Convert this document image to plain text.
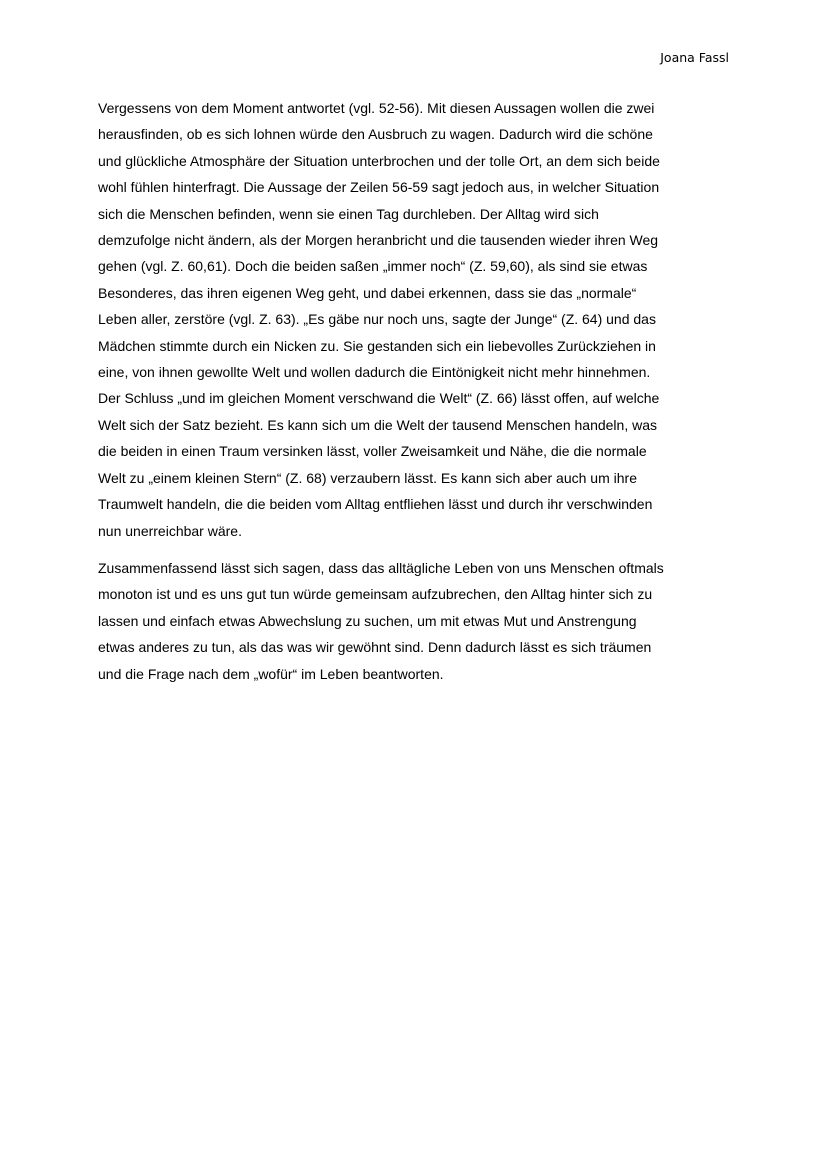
Joana Fassl

Vergessens von dem Moment antwortet (vgl. 52-56). Mit diesen Aussagen wollen die zwei
herausfinden, ob es sich lohnen würde den Ausbruch zu wagen. Dadurch wird die schöne
und glückliche Atmosphäre der Situation unterbrochen und der tolle Ort, an dem sich beide
wohl fühlen hinterfragt. Die Aussage der Zeilen 56-59 sagt jedoch aus, in welcher Situation
sich die Menschen befinden, wenn sie einen Tag durchleben. Der Alltag wird sich
demzufolge nicht ändern, als der Morgen heranbricht und die tausenden wieder ihren Weg
gehen (vgl. Z. 60,61). Doch die beiden saßen „immer noch“ (Z. 59,60), als sind sie etwas
Besonderes, das ihren eigenen Weg geht, und dabei erkennen, dass sie das „normale“
Leben aller, zerstöre (vgl. Z. 63). „Es gäbe nur noch uns, sagte der Junge“ (Z. 64) und das
Mädchen stimmte durch ein Nicken zu. Sie gestanden sich ein liebevolles Zurückziehen in
eine, von ihnen gewollte Welt und wollen dadurch die Eintönigkeit nicht mehr hinnehmen.
Der Schluss „und im gleichen Moment verschwand die Welt“ (Z. 66) lässt offen, auf welche
Welt sich der Satz bezieht. Es kann sich um die Welt der tausend Menschen handeln, was
die beiden in einen Traum versinken lässt, voller Zweisamkeit und Nähe, die die normale
Welt zu „einem kleinen Stern“ (Z. 68) verzaubern lässt. Es kann sich aber auch um ihre
Traumwelt handeln, die die beiden vom Alltag entfliehen lässt und durch ihr verschwinden
nun unerreichbar wäre.

Zusammenfassend lässt sich sagen, dass das alltägliche Leben von uns Menschen oftmals
monoton ist und es uns gut tun würde gemeinsam aufzubrechen, den Alltag hinter sich zu
lassen und einfach etwas Abwechslung zu suchen, um mit etwas Mut und Anstrengung
etwas anderes zu tun, als das was wir gewöhnt sind. Denn dadurch lässt es sich träumen
und die Frage nach dem „wofür“ im Leben beantworten.
